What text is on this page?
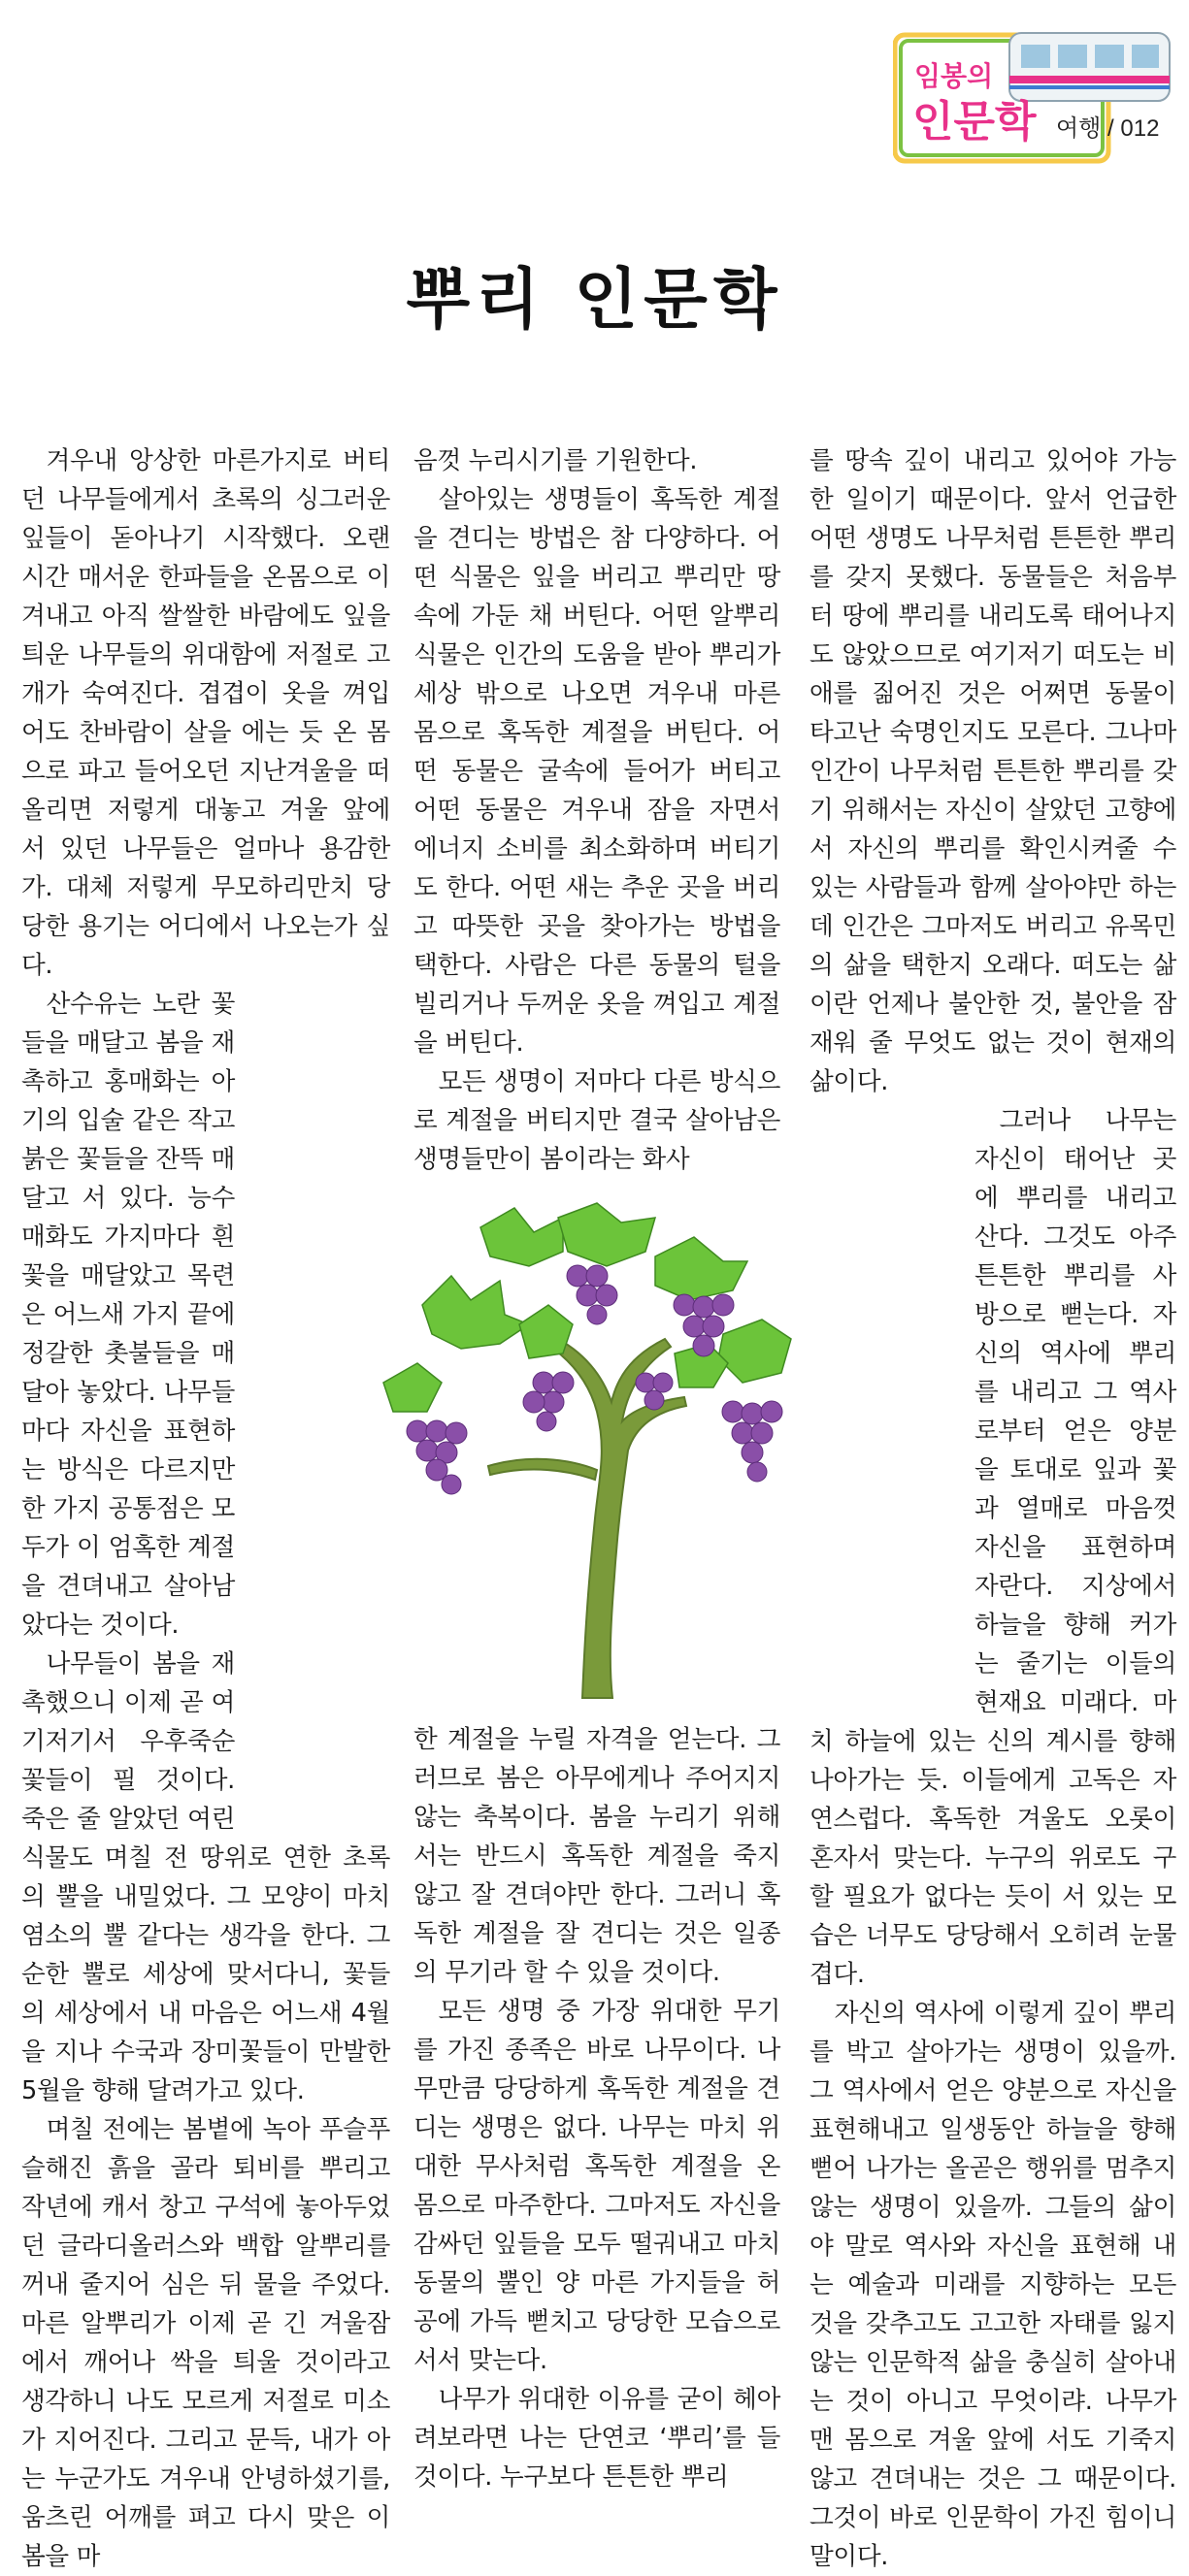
임봉의
인문학 여행 / 012
뿌리 인문학

겨우내 앙상한 마른가지로 버티던 나무들에게서 초록의 싱그러운 잎들이 돋아나기 시작했다. 오랜 시간 매서운 한파들을 온몸으로 이겨내고 아직 쌀쌀한 바람에도 잎을 틔운 나무들의 위대함에 저절로 고개가 숙여진다. 겹겹이 옷을 껴입어도 찬바람이 살을 에는 듯 온 몸으로 파고 들어오던 지난겨울을 떠올리면 저렇게 대놓고 겨울 앞에 서 있던 나무들은 얼마나 용감한가. 대체 저렇게 무모하리만치 당당한 용기는 어디에서 나오는가 싶다.

산수유는 노란 꽃들을 매달고 봄을 재촉하고 홍매화는 아기의 입술 같은 작고 붉은 꽃들을 잔뜩 매달고 서 있다. 능수매화도 가지마다 흰 꽃을 매달았고 목련은 어느새 가지 끝에 정갈한 촛불들을 매달아 놓았다. 나무들마다 자신을 표현하는 방식은 다르지만 한 가지 공통점은 모두가 이 엄혹한 계절을 견뎌내고 살아남았다는 것이다.

나무들이 봄을 재촉했으니 이제 곧 여기저기서 우후죽순 꽃들이 필 것이다. 죽은 줄 알았던 여린 식물도 며칠 전 땅위로 연한 초록의 뿔을 내밀었다. 그 모양이 마치 염소의 뿔 같다는 생각을 한다. 그 순한 뿔로 세상에 맞서다니, 꽃들의 세상에서 내 마음은 어느새 4월을 지나 수국과 장미꽃들이 만발한 5월을 향해 달려가고 있다.

며칠 전에는 봄볕에 녹아 푸슬푸슬해진 흙을 골라 퇴비를 뿌리고 작년에 캐서 창고 구석에 놓아두었던 글라디올러스와 백합 알뿌리를 꺼내 줄지어 심은 뒤 물을 주었다. 마른 알뿌리가 이제 곧 긴 겨울잠에서 깨어나 싹을 틔울 것이라고 생각하니 나도 모르게 저절로 미소가 지어진다. 그리고 문득, 내가 아는 누군가도 겨우내 안녕하셨기를, 움츠린 어깨를 펴고 다시 맞은 이 봄을 마

음껏 누리시기를 기원한다.

살아있는 생명들이 혹독한 계절을 견디는 방법은 참 다양하다. 어떤 식물은 잎을 버리고 뿌리만 땅 속에 가둔 채 버틴다. 어떤 알뿌리 식물은 인간의 도움을 받아 뿌리가 세상 밖으로 나오면 겨우내 마른 몸으로 혹독한 계절을 버틴다. 어떤 동물은 굴속에 들어가 버티고 어떤 동물은 겨우내 잠을 자면서 에너지 소비를 최소화하며 버티기도 한다. 어떤 새는 추운 곳을 버리고 따뜻한 곳을 찾아가는 방법을 택한다. 사람은 다른 동물의 털을 빌리거나 두꺼운 옷을 껴입고 계절을 버틴다.

모든 생명이 저마다 다른 방식으로 계절을 버티지만 결국 살아남은 생명들만이 봄이라는 화사

한 계절을 누릴 자격을 얻는다. 그러므로 봄은 아무에게나 주어지지 않는 축복이다. 봄을 누리기 위해서는 반드시 혹독한 계절을 죽지 않고 잘 견뎌야만 한다. 그러니 혹독한 계절을 잘 견디는 것은 일종의 무기라 할 수 있을 것이다.

모든 생명 중 가장 위대한 무기를 가진 종족은 바로 나무이다. 나무만큼 당당하게 혹독한 계절을 견디는 생명은 없다. 나무는 마치 위대한 무사처럼 혹독한 계절을 온 몸으로 마주한다. 그마저도 자신을 감싸던 잎들을 모두 떨궈내고 마치 동물의 뿔인 양 마른 가지들을 허공에 가득 뻗치고 당당한 모습으로 서서 맞는다.

나무가 위대한 이유를 굳이 헤아려보라면 나는 단연코 ‘뿌리’를 들 것이다. 누구보다 튼튼한 뿌리

를 땅속 깊이 내리고 있어야 가능한 일이기 때문이다. 앞서 언급한 어떤 생명도 나무처럼 튼튼한 뿌리를 갖지 못했다. 동물들은 처음부터 땅에 뿌리를 내리도록 태어나지도 않았으므로 여기저기 떠도는 비애를 짊어진 것은 어쩌면 동물이 타고난 숙명인지도 모른다. 그나마 인간이 나무처럼 튼튼한 뿌리를 갖기 위해서는 자신이 살았던 고향에서 자신의 뿌리를 확인시켜줄 수 있는 사람들과 함께 살아야만 하는데 인간은 그마저도 버리고 유목민의 삶을 택한지 오래다. 떠도는 삶이란 언제나 불안한 것, 불안을 잠재워 줄 무엇도 없는 것이 현재의 삶이다.

그러나 나무는 자신이 태어난 곳에 뿌리를 내리고 산다. 그것도 아주 튼튼한 뿌리를 사방으로 뻗는다. 자신의 역사에 뿌리를 내리고 그 역사로부터 얻은 양분을 토대로 잎과 꽃과 열매로 마음껏 자신을 표현하며 자란다. 지상에서 하늘을 향해 커가는 줄기는 이들의 현재요 미래다. 마치 하늘에 있는 신의 계시를 향해 나아가는 듯. 이들에게 고독은 자연스럽다. 혹독한 겨울도 오롯이 혼자서 맞는다. 누구의 위로도 구할 필요가 없다는 듯이 서 있는 모습은 너무도 당당해서 오히려 눈물겹다.

자신의 역사에 이렇게 깊이 뿌리를 박고 살아가는 생명이 있을까. 그 역사에서 얻은 양분으로 자신을 표현해내고 일생동안 하늘을 향해 뻗어 나가는 올곧은 행위를 멈추지 않는 생명이 있을까. 그들의 삶이야 말로 역사와 자신을 표현해 내는 예술과 미래를 지향하는 모든 것을 갖추고도 고고한 자태를 잃지 않는 인문학적 삶을 충실히 살아내는 것이 아니고 무엇이랴. 나무가 맨 몸으로 겨울 앞에 서도 기죽지 않고 견뎌내는 것은 그 때문이다. 그것이 바로 인문학이 가진 힘이니 말이다.
